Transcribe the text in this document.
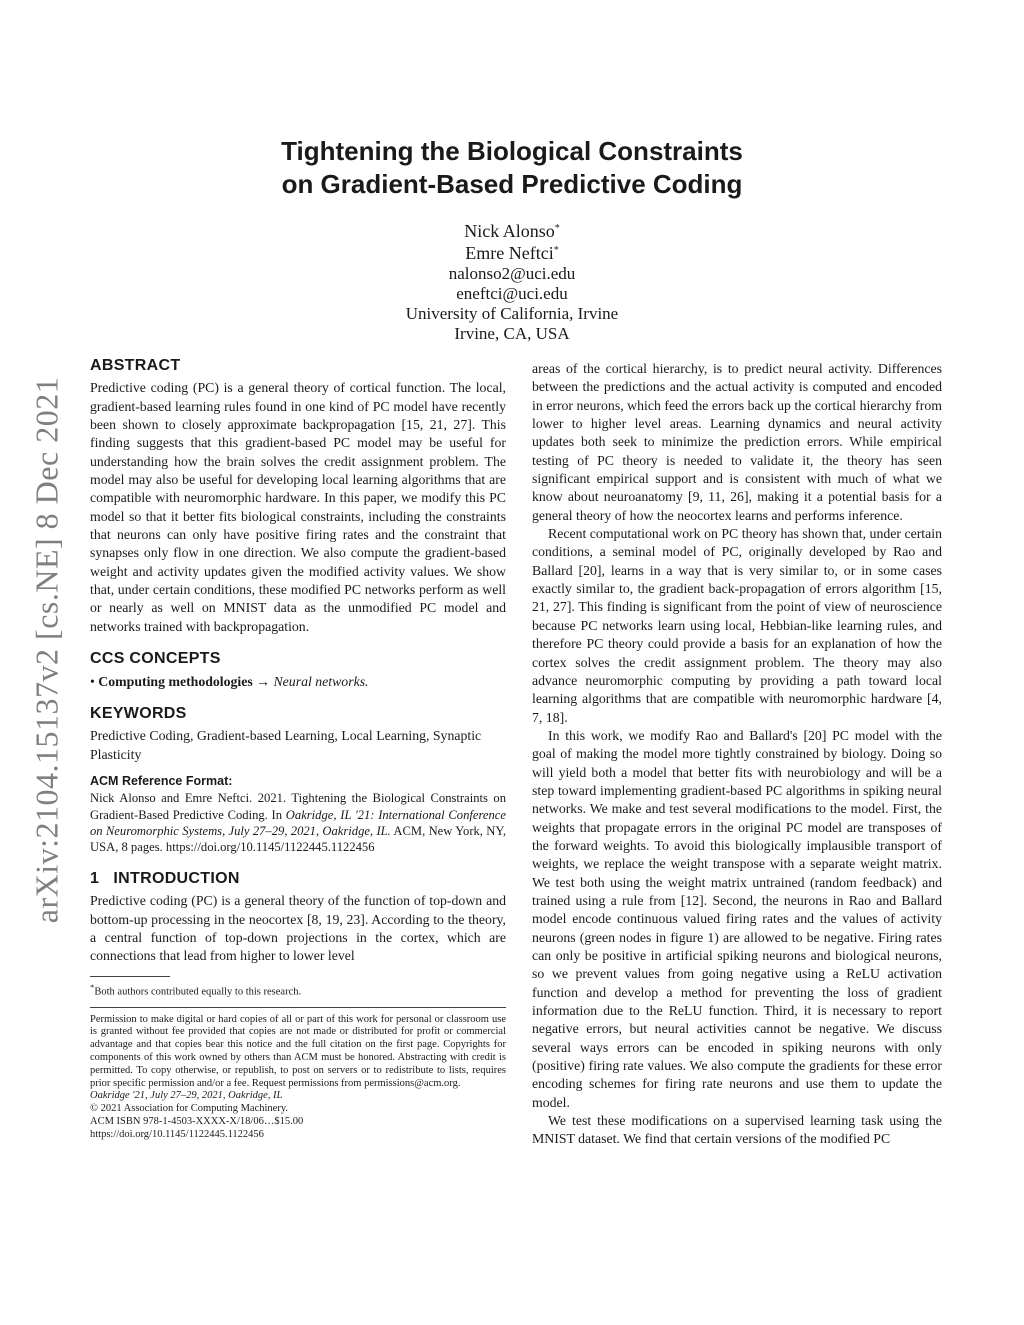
arXiv:2104.15137v2 [cs.NE] 8 Dec 2021
Tightening the Biological Constraints
on Gradient-Based Predictive Coding
Nick Alonso*
Emre Neftci*
nalonso2@uci.edu
eneftci@uci.edu
University of California, Irvine
Irvine, CA, USA
ABSTRACT

Predictive coding (PC) is a general theory of cortical function. The local, gradient-based learning rules found in one kind of PC model have recently been shown to closely approximate backpropagation [15, 21, 27]. This finding suggests that this gradient-based PC model may be useful for understanding how the brain solves the credit assignment problem. The model may also be useful for developing local learning algorithms that are compatible with neuromorphic hardware. In this paper, we modify this PC model so that it better fits biological constraints, including the constraints that neurons can only have positive firing rates and the constraint that synapses only flow in one direction. We also compute the gradient-based weight and activity updates given the modified activity values. We show that, under certain conditions, these modified PC networks perform as well or nearly as well on MNIST data as the unmodified PC model and networks trained with backpropagation.

CCS CONCEPTS

• Computing methodologies → Neural networks.

KEYWORDS

Predictive Coding, Gradient-based Learning, Local Learning, Synaptic Plasticity

ACM Reference Format:

Nick Alonso and Emre Neftci. 2021. Tightening the Biological Constraints on Gradient-Based Predictive Coding. In Oakridge, IL '21: International Conference on Neuromorphic Systems, July 27–29, 2021, Oakridge, IL. ACM, New York, NY, USA, 8 pages. https://doi.org/10.1145/1122445.1122456

1   INTRODUCTION

Predictive coding (PC) is a general theory of the function of top-down and bottom-up processing in the neocortex [8, 19, 23]. According to the theory, a central function of top-down projections in the cortex, which are connections that lead from higher to lower level

*Both authors contributed equally to this research.

Permission to make digital or hard copies of all or part of this work for personal or classroom use is granted without fee provided that copies are not made or distributed for profit or commercial advantage and that copies bear this notice and the full citation on the first page. Copyrights for components of this work owned by others than ACM must be honored. Abstracting with credit is permitted. To copy otherwise, or republish, to post on servers or to redistribute to lists, requires prior specific permission and/or a fee. Request permissions from permissions@acm.org.

Oakridge '21, July 27–29, 2021, Oakridge, IL
© 2021 Association for Computing Machinery.
ACM ISBN 978-1-4503-XXXX-X/18/06…$15.00
https://doi.org/10.1145/1122445.1122456

areas of the cortical hierarchy, is to predict neural activity. Differences between the predictions and the actual activity is computed and encoded in error neurons, which feed the errors back up the cortical hierarchy from lower to higher level areas. Learning dynamics and neural activity updates both seek to minimize the prediction errors. While empirical testing of PC theory is needed to validate it, the theory has seen significant empirical support and is consistent with much of what we know about neuroanatomy [9, 11, 26], making it a potential basis for a general theory of how the neocortex learns and performs inference.

Recent computational work on PC theory has shown that, under certain conditions, a seminal model of PC, originally developed by Rao and Ballard [20], learns in a way that is very similar to, or in some cases exactly similar to, the gradient back-propagation of errors algorithm [15, 21, 27]. This finding is significant from the point of view of neuroscience because PC networks learn using local, Hebbian-like learning rules, and therefore PC theory could provide a basis for an explanation of how the cortex solves the credit assignment problem. The theory may also advance neuromorphic computing by providing a path toward local learning algorithms that are compatible with neuromorphic hardware [4, 7, 18].

In this work, we modify Rao and Ballard's [20] PC model with the goal of making the model more tightly constrained by biology. Doing so will yield both a model that better fits with neurobiology and will be a step toward implementing gradient-based PC algorithms in spiking neural networks. We make and test several modifications to the model. First, the weights that propagate errors in the original PC model are transposes of the forward weights. To avoid this biologically implausible transport of weights, we replace the weight transpose with a separate weight matrix. We test both using the weight matrix untrained (random feedback) and trained using a rule from [12]. Second, the neurons in Rao and Ballard model encode continuous valued firing rates and the values of activity neurons (green nodes in figure 1) are allowed to be negative. Firing rates can only be positive in artificial spiking neurons and biological neurons, so we prevent values from going negative using a ReLU activation function and develop a method for preventing the loss of gradient information due to the ReLU function. Third, it is necessary to report negative errors, but neural activities cannot be negative. We discuss several ways errors can be encoded in spiking neurons with only (positive) firing rate values. We also compute the gradients for these error encoding schemes for firing rate neurons and use them to update the model.

We test these modifications on a supervised learning task using the MNIST dataset. We find that certain versions of the modified PC
